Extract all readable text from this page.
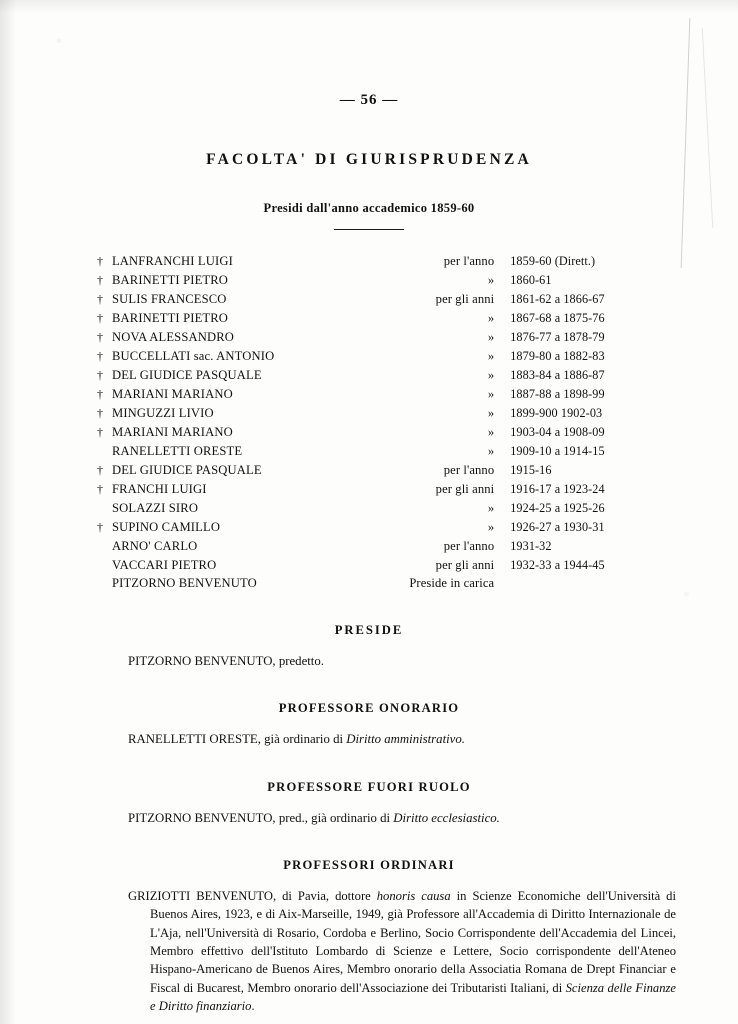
— 56 —
FACOLTA' DI GIURISPRUDENZA
Presidi dall'anno accademico 1859-60
†	LANFRANCHI LUIGI	per l'anno	1859-60 (Dirett.)
†	BARINETTI PIETRO	»	1860-61
†	SULIS FRANCESCO	per gli anni	1861-62 a 1866-67
†	BARINETTI PIETRO	»	1867-68 a 1875-76
†	NOVA ALESSANDRO	»	1876-77 a 1878-79
†	BUCCELLATI sac. ANTONIO	»	1879-80 a 1882-83
†	DEL GIUDICE PASQUALE	»	1883-84 a 1886-87
†	MARIANI MARIANO	»	1887-88 a 1898-99
†	MINGUZZI LIVIO	»	1899-900 1902-03
†	MARIANI MARIANO	»	1903-04 a 1908-09
	RANELLETTI ORESTE	»	1909-10 a 1914-15
†	DEL GIUDICE PASQUALE	per l'anno	1915-16
†	FRANCHI LUIGI	per gli anni	1916-17 a 1923-24
	SOLAZZI SIRO	»	1924-25 a 1925-26
†	SUPINO CAMILLO	»	1926-27 a 1930-31
	ARNO' CARLO	per l'anno	1931-32
	VACCARI PIETRO	per gli anni	1932-33 a 1944-45
	PITZORNO BENVENUTO	Preside in carica	
PRESIDE
PITZORNO BENVENUTO, predetto.
PROFESSORE ONORARIO
RANELLETTI ORESTE, già ordinario di Diritto amministrativo.
PROFESSORE FUORI RUOLO
PITZORNO BENVENUTO, pred., già ordinario di Diritto ecclesiastico.
PROFESSORI ORDINARI
GRIZIOTTI BENVENUTO, di Pavia, dottore honoris causa in Scienze Economiche dell'Università di Buenos Aires, 1923, e di Aix-Marseille, 1949, già Professore all'Accademia di Diritto Internazionale de L'Aja, nell'Università di Rosario, Cordoba e Berlino, Socio Corrispondente dell'Accademia del Lincei, Membro effettivo dell'Istituto Lombardo di Scienze e Lettere, Socio corrispondente dell'Ateneo Hispano-Americano de Buenos Aires, Membro onorario della Associatia Romana de Drept Financiar e Fiscal di Bucarest, Membro onorario dell'Associazione dei Tributaristi Italiani, di Scienza delle Finanze e Diritto finanziario.
